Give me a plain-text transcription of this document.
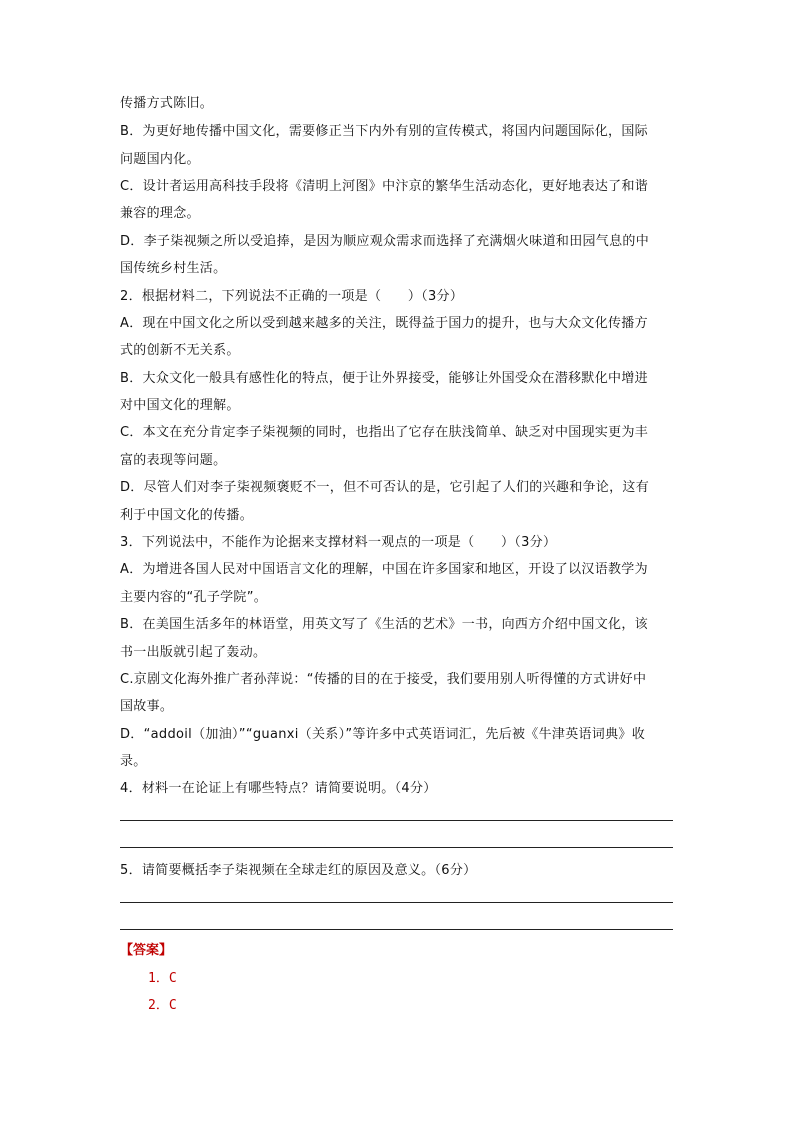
传播方式陈旧。
B．为更好地传播中国文化，需要修正当下内外有别的宣传模式，将国内问题国际化，国际
问题国内化。
C．设计者运用高科技手段将《清明上河图》中汴京的繁华生活动态化，更好地表达了和谐
兼容的理念。
D．李子柒视频之所以受追捧，是因为顺应观众需求而选择了充满烟火味道和田园气息的中
国传统乡村生活。
2．根据材料二，下列说法不正确的一项是（　　）（3分）
A．现在中国文化之所以受到越来越多的关注，既得益于国力的提升，也与大众文化传播方
式的创新不无关系。
B．大众文化一般具有感性化的特点，便于让外界接受，能够让外国受众在潜移默化中增进
对中国文化的理解。
C．本文在充分肯定李子柒视频的同时，也指出了它存在肤浅简单、缺乏对中国现实更为丰
富的表现等问题。
D．尽管人们对李子柒视频褒贬不一，但不可否认的是，它引起了人们的兴趣和争论，这有
利于中国文化的传播。
3．下列说法中，不能作为论据来支撑材料一观点的一项是（　　）（3分）
A．为增进各国人民对中国语言文化的理解，中国在许多国家和地区，开设了以汉语教学为
主要内容的“孔子学院”。
B．在美国生活多年的林语堂，用英文写了《生活的艺术》一书，向西方介绍中国文化，该
书一出版就引起了轰动。
C.京剧文化海外推广者孙萍说：“传播的目的在于接受，我们要用别人听得懂的方式讲好中
国故事。
D．“addoil（加油）”“guanxi（关系）”等许多中式英语词汇，先后被《牛津英语词典》收
录。
4．材料一在论证上有哪些特点？请简要说明。（4分）
5．请简要概括李子柒视频在全球走红的原因及意义。（6分）
【答案】
1．C
2．C
